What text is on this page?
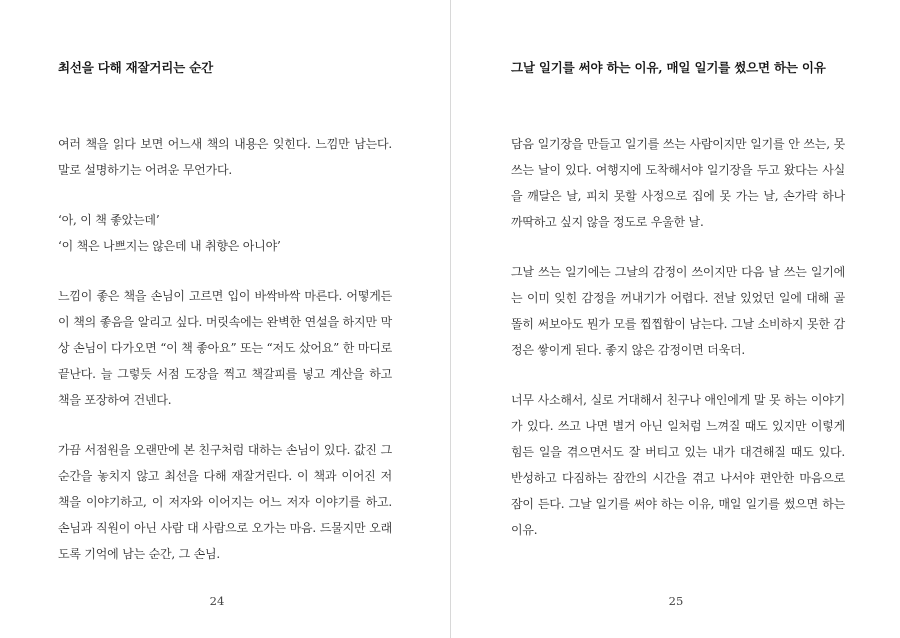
최선을 다해 재잘거리는 순간
여러 책을 읽다 보면 어느새 책의 내용은 잊힌다. 느낌만 남는다.
말로 설명하기는 어려운 무언가다.
‘아, 이 책 좋았는데’
‘이 책은 나쁘지는 않은데 내 취향은 아니야’
느낌이 좋은 책을 손님이 고르면 입이 바싹바싹 마른다. 어떻게든
이 책의 좋음을 알리고 싶다. 머릿속에는 완벽한 연설을 하지만 막
상 손님이 다가오면 “이 책 좋아요” 또는 “저도 샀어요” 한 마디로
끝난다. 늘 그렇듯 서점 도장을 찍고 책갈피를 넣고 계산을 하고
책을 포장하여 건넨다.
가끔 서점원을 오랜만에 본 친구처럼 대하는 손님이 있다. 값진 그
순간을 놓치지 않고 최선을 다해 재잘거린다. 이 책과 이어진 저
책을 이야기하고, 이 저자와 이어지는 어느 저자 이야기를 하고.
손님과 직원이 아닌 사람 대 사람으로 오가는 마음. 드물지만 오래
도록 기억에 남는 순간, 그 손님.
24
그날 일기를 써야 하는 이유, 매일 일기를 썼으면 하는 이유
담음 일기장을 만들고 일기를 쓰는 사람이지만 일기를 안 쓰는, 못
쓰는 날이 있다. 여행지에 도착해서야 일기장을 두고 왔다는 사실
을 깨달은 날, 피치 못할 사정으로 집에 못 가는 날, 손가락 하나
까딱하고 싶지 않을 정도로 우울한 날.
그날 쓰는 일기에는 그날의 감정이 쓰이지만 다음 날 쓰는 일기에
는 이미 잊힌 감정을 꺼내기가 어렵다. 전날 있었던 일에 대해 골
똘히 써보아도 뭔가 모를 찝찝함이 남는다. 그날 소비하지 못한 감
정은 쌓이게 된다. 좋지 않은 감정이면 더욱더.
너무 사소해서, 실로 거대해서 친구나 애인에게 말 못 하는 이야기
가 있다. 쓰고 나면 별거 아닌 일처럼 느껴질 때도 있지만 이렇게
힘든 일을 겪으면서도 잘 버티고 있는 내가 대견해질 때도 있다.
반성하고 다짐하는 잠깐의 시간을 겪고 나서야 편안한 마음으로
잠이 든다. 그날 일기를 써야 하는 이유, 매일 일기를 썼으면 하는
이유.
25
